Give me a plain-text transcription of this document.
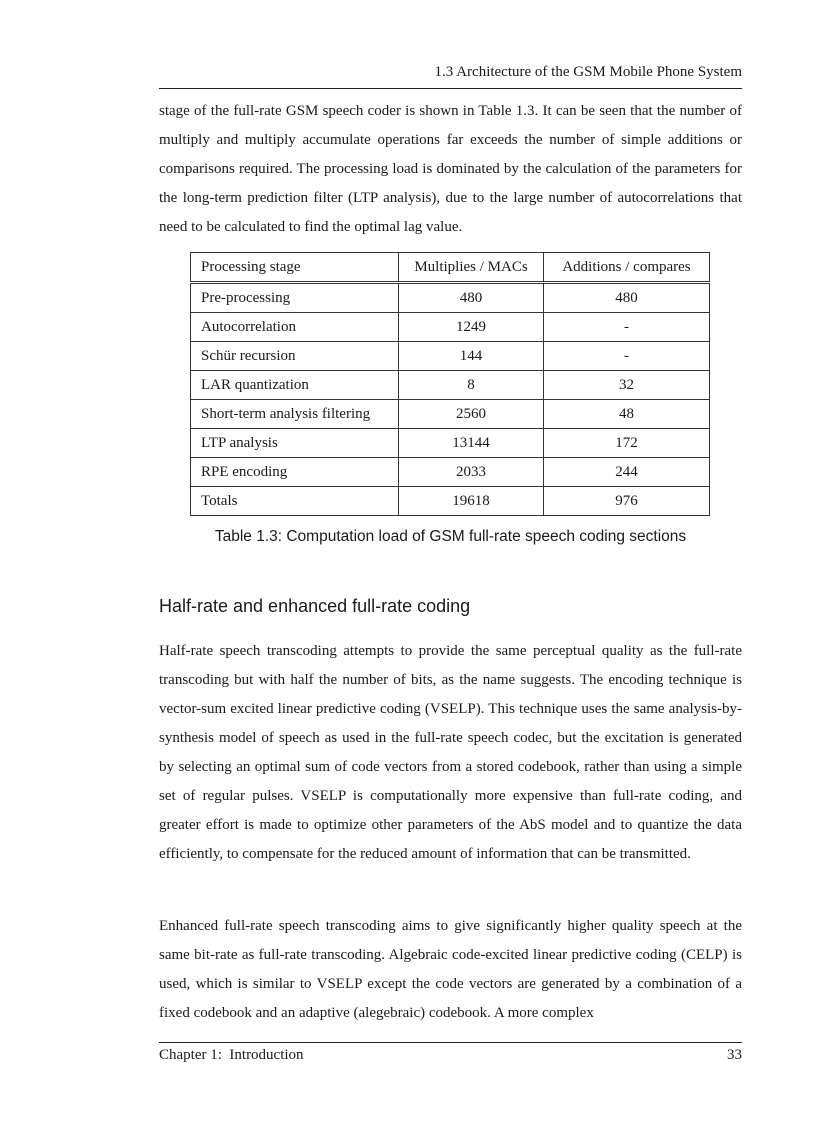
1.3 Architecture of the GSM Mobile Phone System

stage of the full-rate GSM speech coder is shown in Table 1.3. It can be seen that the number of multiply and multiply accumulate operations far exceeds the number of simple additions or comparisons required. The processing load is dominated by the calculation of the parameters for the long-term prediction filter (LTP analysis), due to the large number of autocorrelations that need to be calculated to find the optimal lag value.

Processing stage	Multiplies / MACs	Additions / compares
Pre-processing	480	480
Autocorrelation	1249	-
Schür recursion	144	-
LAR quantization	8	32
Short-term analysis filtering	2560	48
LTP analysis	13144	172
RPE encoding	2033	244
Totals	19618	976
Table 1.3: Computation load of GSM full-rate speech coding sections
Half-rate and enhanced full-rate coding

Half-rate speech transcoding attempts to provide the same perceptual quality as the full-rate transcoding but with half the number of bits, as the name suggests. The encoding technique is vector-sum excited linear predictive coding (VSELP). This technique uses the same analysis-by-synthesis model of speech as used in the full-rate speech codec, but the excitation is generated by selecting an optimal sum of code vectors from a stored codebook, rather than using a simple set of regular pulses. VSELP is computationally more expensive than full-rate coding, and greater effort is made to optimize other parameters of the AbS model and to quantize the data efficiently, to compensate for the reduced amount of information that can be transmitted.

Enhanced full-rate speech transcoding aims to give significantly higher quality speech at the same bit-rate as full-rate transcoding. Algebraic code-excited linear predictive coding (CELP) is used, which is similar to VSELP except the code vectors are generated by a combination of a fixed codebook and an adaptive (alegebraic) codebook. A more complex

Chapter 1:  Introduction	33
